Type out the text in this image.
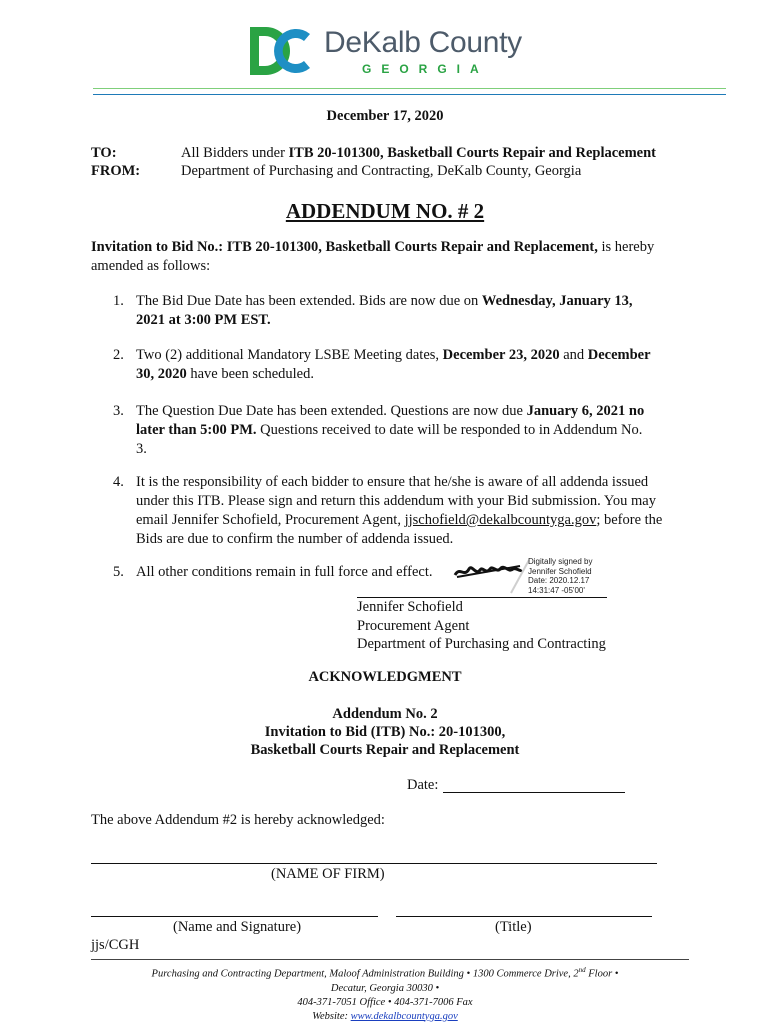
DeKalb County
GEORGIA
December 17, 2020
TO:	All Bidders under ITB 20-101300, Basketball Courts Repair and Replacement
FROM:	Department of Purchasing and Contracting, DeKalb County, Georgia
ADDENDUM NO. # 2
Invitation to Bid No.: ITB 20-101300, Basketball Courts Repair and Replacement, is hereby
amended as follows:
1. The Bid Due Date has been extended. Bids are now due on Wednesday, January 13,
2021 at 3:00 PM EST.
2. Two (2) additional Mandatory LSBE Meeting dates, December 23, 2020 and December
30, 2020 have been scheduled.
3. The Question Due Date has been extended. Questions are now due January 6, 2021 no
later than 5:00 PM. Questions received to date will be responded to in Addendum No.
3.
4. It is the responsibility of each bidder to ensure that he/she is aware of all addenda issued
under this ITB. Please sign and return this addendum with your Bid submission. You may
email Jennifer Schofield, Procurement Agent, jjschofield@dekalbcountyga.gov; before the
Bids are due to confirm the number of addenda issued.
5. All other conditions remain in full force and effect.
Digitally signed by
Jennifer Schofield
Date: 2020.12.17
14:31:47 -05'00'
Jennifer Schofield
Procurement Agent
Department of Purchasing and Contracting
ACKNOWLEDGMENT
Addendum No. 2
Invitation to Bid (ITB) No.: 20-101300,
Basketball Courts Repair and Replacement
Date:
The above Addendum #2 is hereby acknowledged:
(NAME OF FIRM)
(Name and Signature)	(Title)
jjs/CGH
Purchasing and Contracting Department, Maloof Administration Building • 1300 Commerce Drive, 2nd Floor •
Decatur, Georgia 30030 •
404-371-7051 Office • 404-371-7006 Fax
Website: www.dekalbcountyga.gov
